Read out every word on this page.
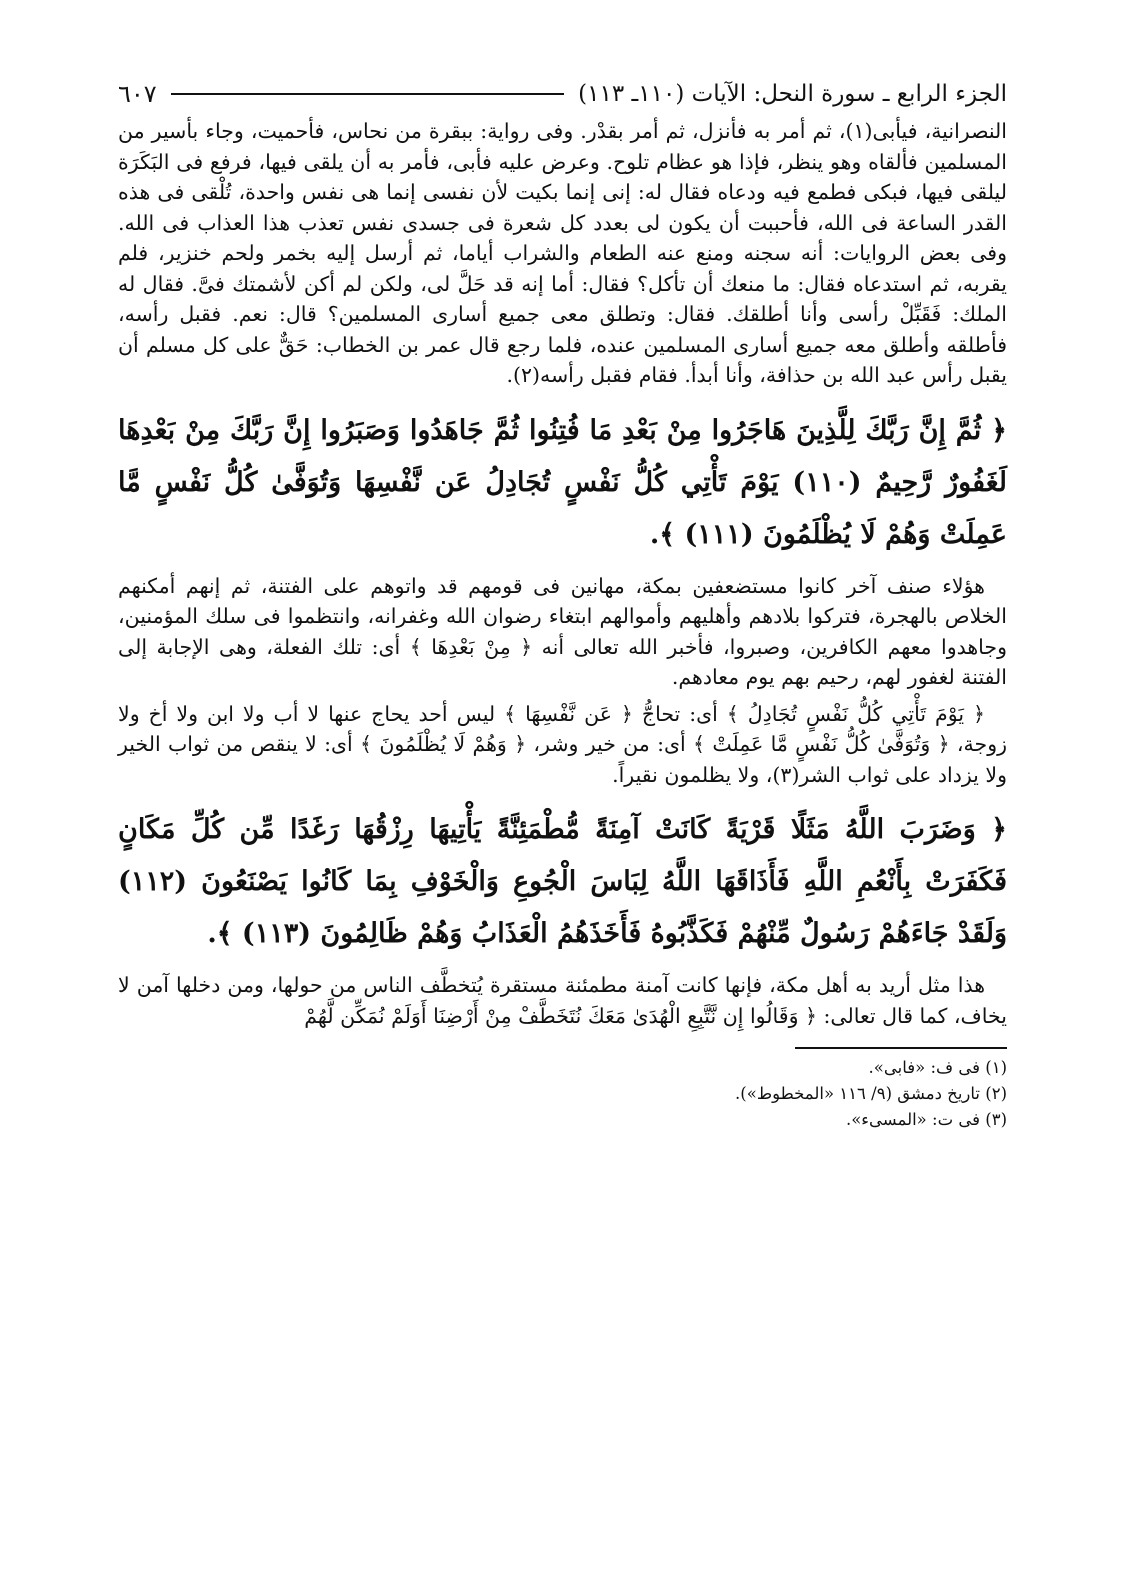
الجزء الرابع ـ سورة النحل: الآيات (١١٠ـ ١١٣)
٦٠٧

النصرانية، فيأبى(١)، ثم أمر به فأنزل، ثم أمر بقدْر. وفى رواية: ببقرة من نحاس، فأحميت، وجاء بأسير من المسلمين فألقاه وهو ينظر، فإذا هو عظام تلوح. وعرض عليه فأبى، فأمر به أن يلقى فيها، فرفع فى البَكَرَة ليلقى فيها، فبكى فطمع فيه ودعاه فقال له: إنى إنما بكيت لأن نفسى إنما هى نفس واحدة، تُلْقى فى هذه القدر الساعة فى الله، فأحببت أن يكون لى بعدد كل شعرة فى جسدى نفس تعذب هذا العذاب فى الله. وفى بعض الروايات: أنه سجنه ومنع عنه الطعام والشراب أياما، ثم أرسل إليه بخمر ولحم خنزير، فلم يقربه، ثم استدعاه فقال: ما منعك أن تأكل؟ فقال: أما إنه قد حَلَّ لى، ولكن لم أكن لأشمتك فىَّ. فقال له الملك: فَقَبِّلْ رأسى وأنا أطلقك. فقال: وتطلق معى جميع أسارى المسلمين؟ قال: نعم. فقبل رأسه، فأطلقه وأطلق معه جميع أسارى المسلمين عنده، فلما رجع قال عمر بن الخطاب: حَقٌّ على كل مسلم أن يقبل رأس عبد الله بن حذافة، وأنا أبدأ. فقام فقبل رأسه(٢).

﴿ ثُمَّ إِنَّ رَبَّكَ لِلَّذِينَ هَاجَرُوا مِنْ بَعْدِ مَا فُتِنُوا ثُمَّ جَاهَدُوا وَصَبَرُوا إِنَّ رَبَّكَ مِنْ بَعْدِهَا لَغَفُورٌ رَّحِيمٌ (١١٠) يَوْمَ تَأْتِي كُلُّ نَفْسٍ تُجَادِلُ عَن نَّفْسِهَا وَتُوَفَّىٰ كُلُّ نَفْسٍ مَّا عَمِلَتْ وَهُمْ لَا يُظْلَمُونَ (١١١) ﴾.

هؤلاء صنف آخر كانوا مستضعفين بمكة، مهانين فى قومهم قد واتوهم على الفتنة، ثم إنهم أمكنهم الخلاص بالهجرة، فتركوا بلادهم وأهليهم وأموالهم ابتغاء رضوان الله وغفرانه، وانتظموا فى سلك المؤمنين، وجاهدوا معهم الكافرين، وصبروا، فأخبر الله تعالى أنه ﴿ مِنْ بَعْدِهَا ﴾ أى: تلك الفعلة، وهى الإجابة إلى الفتنة لغفور لهم، رحيم بهم يوم معادهم.

﴿ يَوْمَ تَأْتِي كُلُّ نَفْسٍ تُجَادِلُ ﴾ أى: تحاجُّ ﴿ عَن نَّفْسِهَا ﴾ ليس أحد يحاج عنها لا أب ولا ابن ولا أخ ولا زوجة، ﴿ وَتُوَفَّىٰ كُلُّ نَفْسٍ مَّا عَمِلَتْ ﴾ أى: من خير وشر، ﴿ وَهُمْ لَا يُظْلَمُونَ ﴾ أى: لا ينقص من ثواب الخير ولا يزداد على ثواب الشر(٣)، ولا يظلمون نقيراً.

﴿ وَضَرَبَ اللَّهُ مَثَلًا قَرْيَةً كَانَتْ آمِنَةً مُّطْمَئِنَّةً يَأْتِيهَا رِزْقُهَا رَغَدًا مِّن كُلِّ مَكَانٍ فَكَفَرَتْ بِأَنْعُمِ اللَّهِ فَأَذَاقَهَا اللَّهُ لِبَاسَ الْجُوعِ وَالْخَوْفِ بِمَا كَانُوا يَصْنَعُونَ (١١٢) وَلَقَدْ جَاءَهُمْ رَسُولٌ مِّنْهُمْ فَكَذَّبُوهُ فَأَخَذَهُمُ الْعَذَابُ وَهُمْ ظَالِمُونَ (١١٣) ﴾.

هذا مثل أريد به أهل مكة، فإنها كانت آمنة مطمئنة مستقرة يُتخطَّف الناس من حولها، ومن دخلها آمن لا يخاف، كما قال تعالى: ﴿ وَقَالُوا إِن نَّتَّبِعِ الْهُدَىٰ مَعَكَ نُتَخَطَّفْ مِنْ أَرْضِنَا أَوَلَمْ نُمَكِّن لَّهُمْ

(١) فى ف: «فابى».

(٢) تاريخ دمشق (٩/ ١١٦ «المخطوط»).

(٣) فى ت: «المسىء».
